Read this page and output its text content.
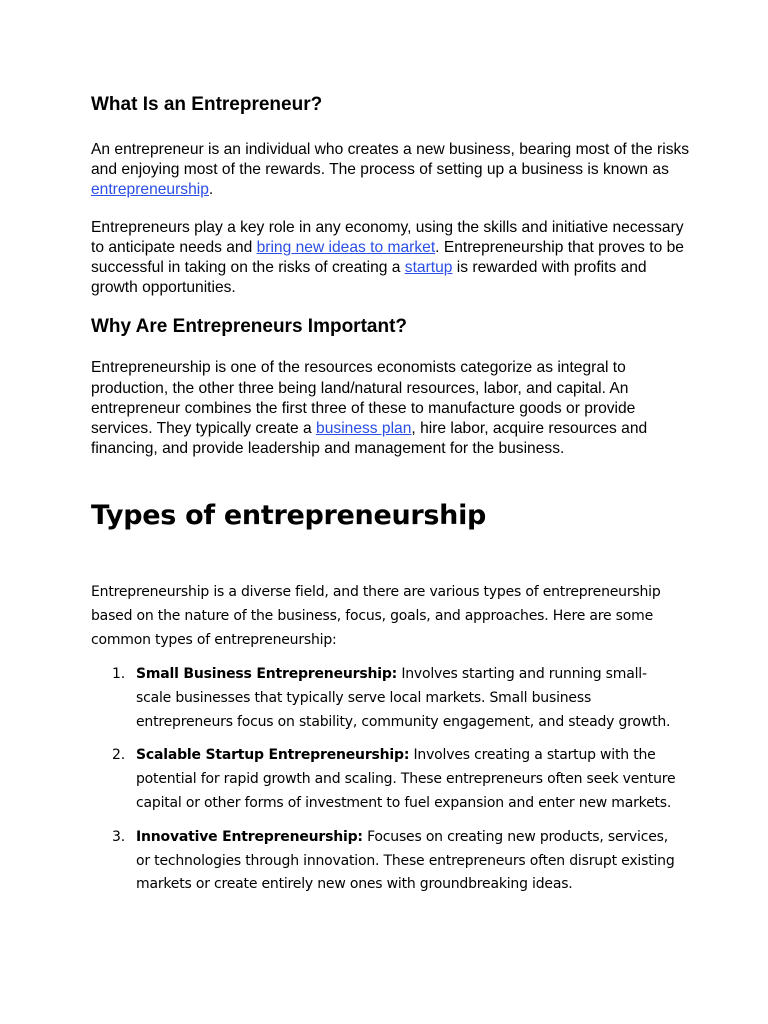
What Is an Entrepreneur?

An entrepreneur is an individual who creates a new business, bearing most of the risks and enjoying most of the rewards. The process of setting up a business is known as entrepreneurship.

Entrepreneurs play a key role in any economy, using the skills and initiative necessary to anticipate needs and bring new ideas to market. Entrepreneurship that proves to be successful in taking on the risks of creating a startup is rewarded with profits and growth opportunities.

Why Are Entrepreneurs Important?

Entrepreneurship is one of the resources economists categorize as integral to production, the other three being land/natural resources, labor, and capital. An entrepreneur combines the first three of these to manufacture goods or provide services. They typically create a business plan, hire labor, acquire resources and financing, and provide leadership and management for the business.

Types of entrepreneurship

Entrepreneurship is a diverse field, and there are various types of entrepreneurship based on the nature of the business, focus, goals, and approaches. Here are some common types of entrepreneurship:

1. Small Business Entrepreneurship: Involves starting and running small-scale businesses that typically serve local markets. Small business entrepreneurs focus on stability, community engagement, and steady growth.
2. Scalable Startup Entrepreneurship: Involves creating a startup with the potential for rapid growth and scaling. These entrepreneurs often seek venture capital or other forms of investment to fuel expansion and enter new markets.
3. Innovative Entrepreneurship: Focuses on creating new products, services, or technologies through innovation. These entrepreneurs often disrupt existing markets or create entirely new ones with groundbreaking ideas.
